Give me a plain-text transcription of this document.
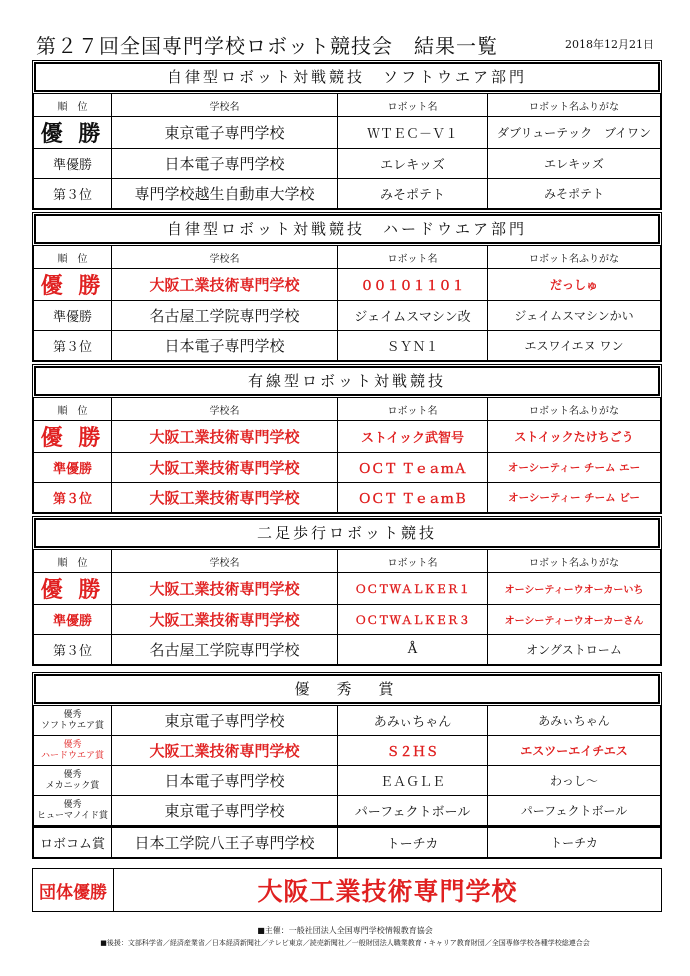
第２７回全国専門学校ロボット競技会　結果一覧	2018年12月21日
自律型ロボット対戦競技　ソフトウエア部門
順　位	学校名	ロボット名	ロボット名ふりがな
優 勝	東京電子専門学校	ＷＴＥＣ－Ｖ１	ダブリューテック　ブイワン
準優勝	日本電子専門学校	エレキッズ	エレキッズ
第３位	専門学校越生自動車大学校	みそポテト	みそポテト
自律型ロボット対戦競技　ハードウエア部門
順　位	学校名	ロボット名	ロボット名ふりがな
優 勝	大阪工業技術専門学校	００１０１１０１	だっしゅ
準優勝	名古屋工学院専門学校	ジェイムスマシン改	ジェイムスマシンかい
第３位	日本電子専門学校	ＳＹＮ１	エスワイエヌ ワン
有線型ロボット対戦競技
順　位	学校名	ロボット名	ロボット名ふりがな
優 勝	大阪工業技術専門学校	ストイック武智号	ストイックたけちごう
準優勝	大阪工業技術専門学校	ＯＣＴ ＴｅａｍＡ	オーシーティー チーム エー
第３位	大阪工業技術専門学校	ＯＣＴ ＴｅａｍＢ	オーシーティー チーム ビー
二足歩行ロボット競技
順　位	学校名	ロボット名	ロボット名ふりがな
優 勝	大阪工業技術専門学校	ＯＣＴＷＡＬＫＥＲ１	オーシーティーウオーカーいち
準優勝	大阪工業技術専門学校	ＯＣＴＷＡＬＫＥＲ３	オーシーティーウオーカーさん
第３位	名古屋工学院専門学校	Å	オングストローム
優　秀　賞
優秀
ソフトウエア賞	東京電子専門学校	あみぃちゃん	あみぃちゃん

優秀
ハードウエア賞	大阪工業技術専門学校	Ｓ２ＨＳ	エスツーエイチエス

優秀
メカニック賞	日本電子専門学校	ＥＡＧＬＥ	わっし～

優秀
ヒューマノイド賞	東京電子専門学校	パーフェクトボール	パーフェクトボール
ロボコム賞	日本工学院八王子専門学校	トーチカ	トーチカ
団体優勝	大阪工業技術専門学校
■主催：一般社団法人全国専門学校情報教育協会
■後援：文部科学省／経済産業省／日本経済新聞社／テレビ東京／読売新聞社／一般財団法人職業教育・キャリア教育財団／全国専修学校各種学校総連合会
